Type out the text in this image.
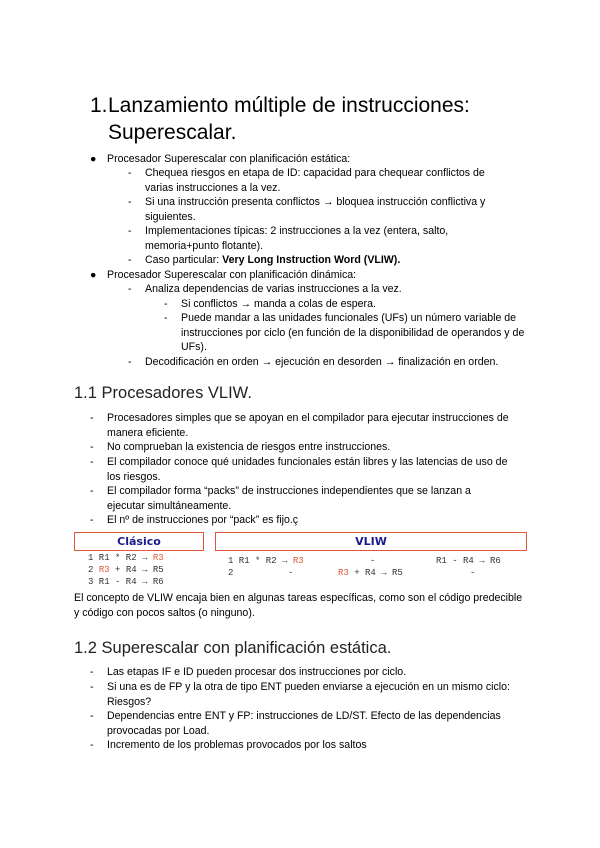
1.Lanzamiento múltiple de instrucciones:
Superescalar.
● Procesador Superescalar con planificación estática:
- Chequea riesgos en etapa de ID: capacidad para chequear conflictos de varias instrucciones a la vez.
- Si una instrucción presenta conflictos → bloquea instrucción conflictiva y siguientes.
- Implementaciones típicas: 2 instrucciones a la vez (entera, salto, memoria+punto flotante).
- Caso particular: Very Long Instruction Word (VLIW).
● Procesador Superescalar con planificación dinámica:
- Analiza dependencias de varias instrucciones a la vez.
- Si conflictos → manda a colas de espera.
- Puede mandar a las unidades funcionales (UFs) un número variable de instrucciones por ciclo (en función de la disponibilidad de operandos y de UFs).
- Decodificación en orden → ejecución en desorden → finalización en orden.
1.1 Procesadores VLIW.
- Procesadores simples que se apoyan en el compilador para ejecutar instrucciones de manera eficiente.
- No comprueban la existencia de riesgos entre instrucciones.
- El compilador conoce qué unidades funcionales están libres y las latencias de uso de los riesgos.
- El compilador forma “packs” de instrucciones independientes que se lanzan a ejecutar simultáneamente.
- El nº de instrucciones por “pack” es fijo.ç
Clásico	VLIW
1 R1 * R2 → R3
2 R3 + R4 → R5
3 R1 - R4 → R6
1 R1 * R2 → R3	-	R1 - R4 → R6
2	-	R3 + R4 → R5	-
El concepto de VLIW encaja bien en algunas tareas específicas, como son el código predecible y código con pocos saltos (o ninguno).
1.2 Superescalar con planificación estática.
- Las etapas IF e ID pueden procesar dos instrucciones por ciclo.
- Si una es de FP y la otra de tipo ENT pueden enviarse a ejecución en un mismo ciclo: Riesgos?
- Dependencias entre ENT y FP: instrucciones de LD/ST. Efecto de las dependencias provocadas por Load.
- Incremento de los problemas provocados por los saltos
